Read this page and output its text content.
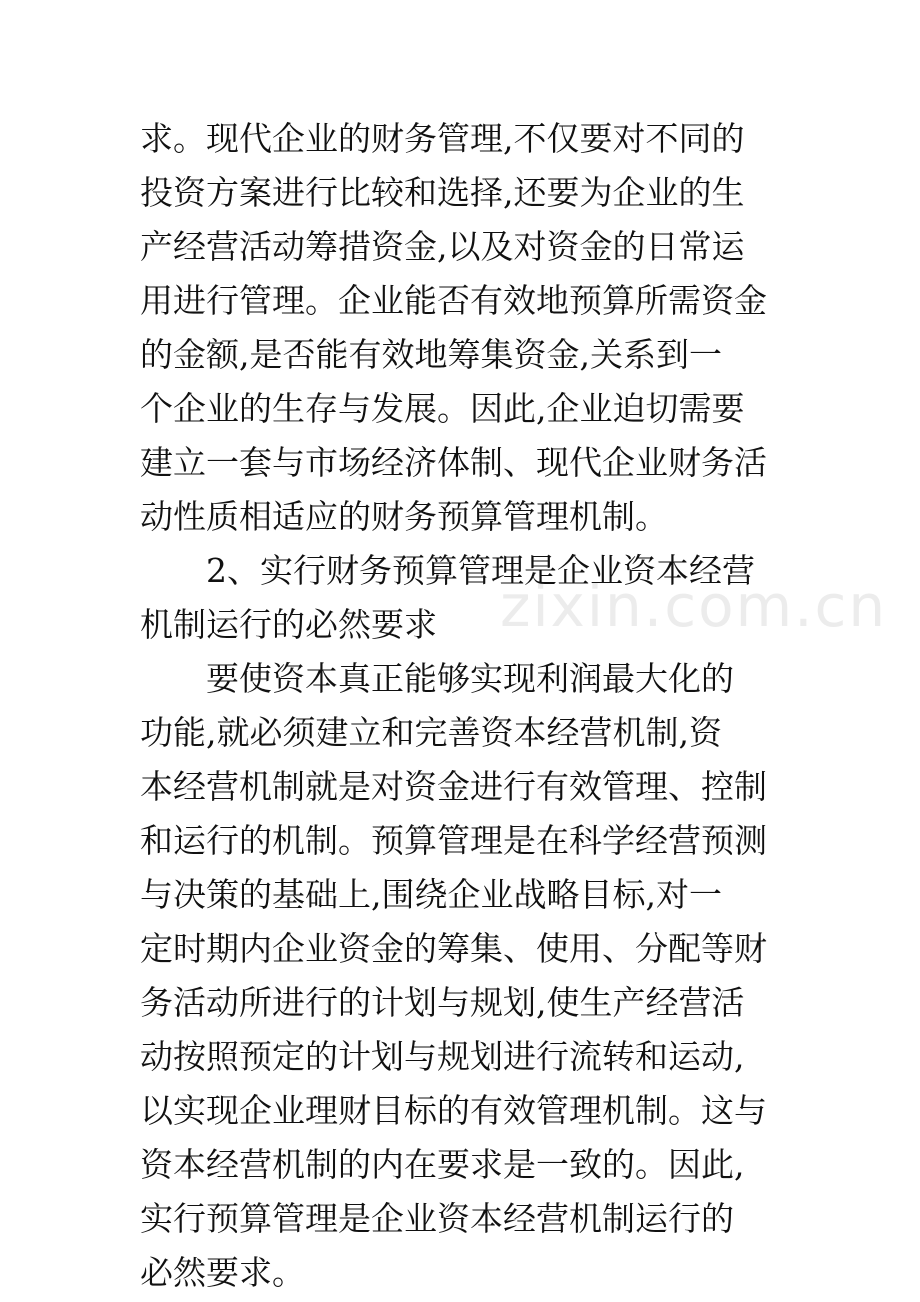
zixin.com.cn
求。现代企业的财务管理,不仅要对不同的
投资方案进行比较和选择,还要为企业的生
产经营活动筹措资金,以及对资金的日常运
用进行管理。企业能否有效地预算所需资金
的金额,是否能有效地筹集资金,关系到一
个企业的生存与发展。因此,企业迫切需要
建立一套与市场经济体制、现代企业财务活
动性质相适应的财务预算管理机制。
2、实行财务预算管理是企业资本经营
机制运行的必然要求
要使资本真正能够实现利润最大化的
功能,就必须建立和完善资本经营机制,资
本经营机制就是对资金进行有效管理、控制
和运行的机制。预算管理是在科学经营预测
与决策的基础上,围绕企业战略目标,对一
定时期内企业资金的筹集、使用、分配等财
务活动所进行的计划与规划,使生产经营活
动按照预定的计划与规划进行流转和运动,
以实现企业理财目标的有效管理机制。这与
资本经营机制的内在要求是一致的。因此,
实行预算管理是企业资本经营机制运行的
必然要求。
